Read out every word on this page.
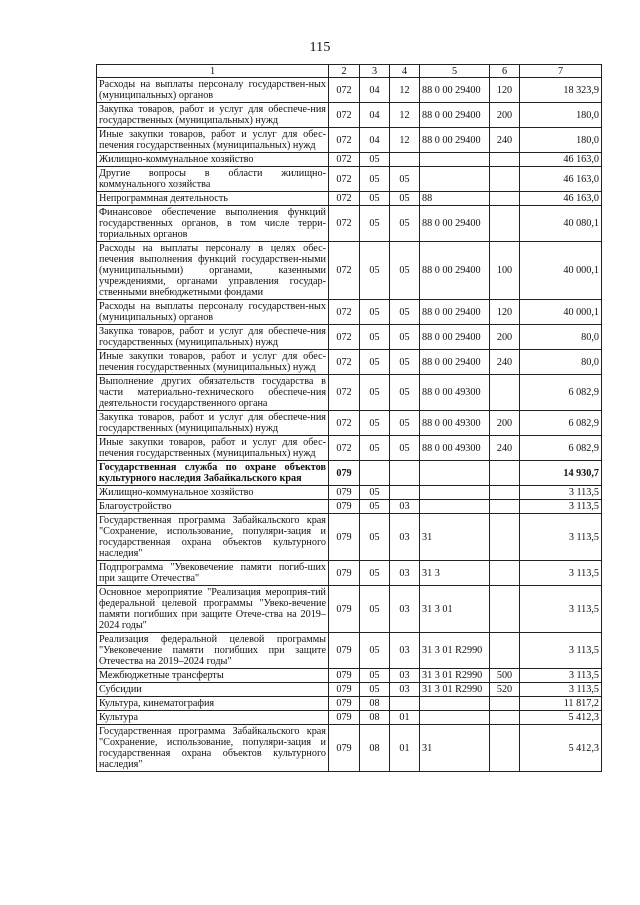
115
1	2	3	4	5	6	7
Расходы на выплаты персоналу государствен-ных (муниципальных) органов	072	04	12	88 0 00 29400	120	18 323,9
Закупка товаров, работ и услуг для обеспече-ния государственных (муниципальных) нужд	072	04	12	88 0 00 29400	200	180,0
Иные закупки товаров, работ и услуг для обес-печения государственных (муниципальных) нужд	072	04	12	88 0 00 29400	240	180,0
Жилищно-коммунальное хозяйство	072	05				46 163,0
Другие вопросы в области жилищно-коммунального хозяйства	072	05	05			46 163,0
Непрограммная деятельность	072	05	05	88		46 163,0
Финансовое обеспечение выполнения функций государственных органов, в том числе терри-ториальных органов	072	05	05	88 0 00 29400		40 080,1
Расходы на выплаты персоналу в целях обес-печения выполнения функций государствен-ными (муниципальными) органами, казенными учреждениями, органами управления государ-ственными внебюджетными фондами	072	05	05	88 0 00 29400	100	40 000,1
Расходы на выплаты персоналу государствен-ных (муниципальных) органов	072	05	05	88 0 00 29400	120	40 000,1
Закупка товаров, работ и услуг для обеспече-ния государственных (муниципальных) нужд	072	05	05	88 0 00 29400	200	80,0
Иные закупки товаров, работ и услуг для обес-печения государственных (муниципальных) нужд	072	05	05	88 0 00 29400	240	80,0
Выполнение других обязательств государства в части материально-технического обеспече-ния деятельности государственного органа	072	05	05	88 0 00 49300		6 082,9
Закупка товаров, работ и услуг для обеспече-ния государственных (муниципальных) нужд	072	05	05	88 0 00 49300	200	6 082,9
Иные закупки товаров, работ и услуг для обес-печения государственных (муниципальных) нужд	072	05	05	88 0 00 49300	240	6 082,9
Государственная служба по охране объектов культурного наследия Забайкальского края	079					14 930,7
Жилищно-коммунальное хозяйство	079	05				3 113,5
Благоустройство	079	05	03			3 113,5
Государственная программа Забайкальского края "Сохранение, использование, популяри-зация и государственная охрана объектов культурного наследия"	079	05	03	31		3 113,5
Подпрограмма "Увековечение памяти погиб-ших при защите Отечества"	079	05	03	31 3		3 113,5
Основное мероприятие "Реализация мероприя-тий федеральной целевой программы "Увеко-вечение памяти погибших при защите Отече-ства на 2019–2024 годы"	079	05	03	31 3 01		3 113,5
Реализация федеральной целевой программы "Увековечение памяти погибших при защите Отечества на 2019–2024 годы"	079	05	03	31 3 01 R2990		3 113,5
Межбюджетные трансферты	079	05	03	31 3 01 R2990	500	3 113,5
Субсидии	079	05	03	31 3 01 R2990	520	3 113,5
Культура, кинематография	079	08				11 817,2
Культура	079	08	01			5 412,3
Государственная программа Забайкальского края "Сохранение, использование, популяри-зация и государственная охрана объектов культурного наследия"	079	08	01	31		5 412,3
